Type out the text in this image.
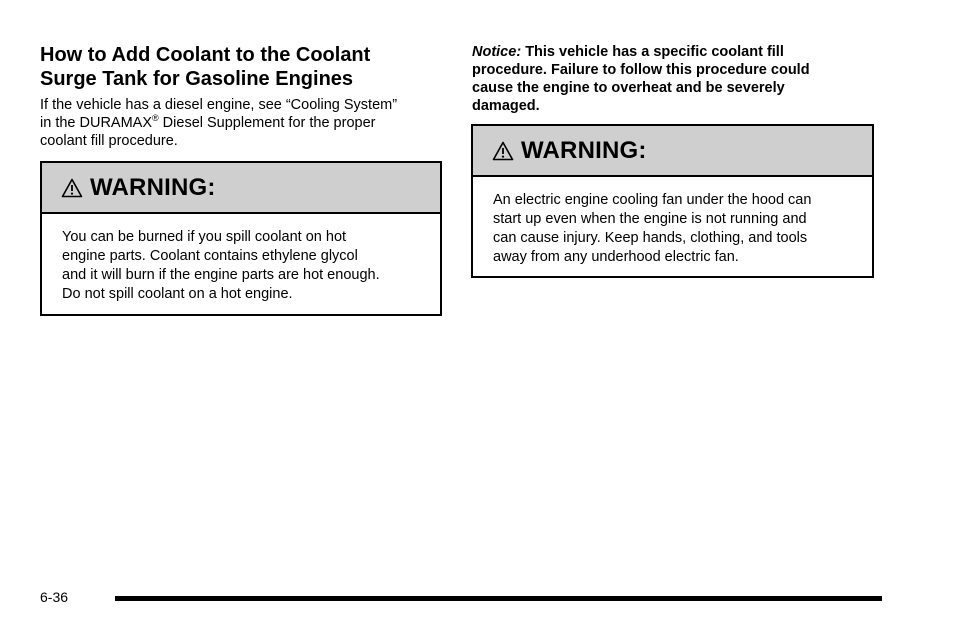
How to Add Coolant to the Coolant
Surge Tank for Gasoline Engines

If the vehicle has a diesel engine, see “Cooling System”
in the DURAMAX® Diesel Supplement for the proper
coolant fill procedure.

WARNING:
You can be burned if you spill coolant on hot
engine parts. Coolant contains ethylene glycol
and it will burn if the engine parts are hot enough.
Do not spill coolant on a hot engine.

Notice: This vehicle has a specific coolant fill
procedure. Failure to follow this procedure could
cause the engine to overheat and be severely
damaged.

WARNING:
An electric engine cooling fan under the hood can
start up even when the engine is not running and
can cause injury. Keep hands, clothing, and tools
away from any underhood electric fan.
6-36
